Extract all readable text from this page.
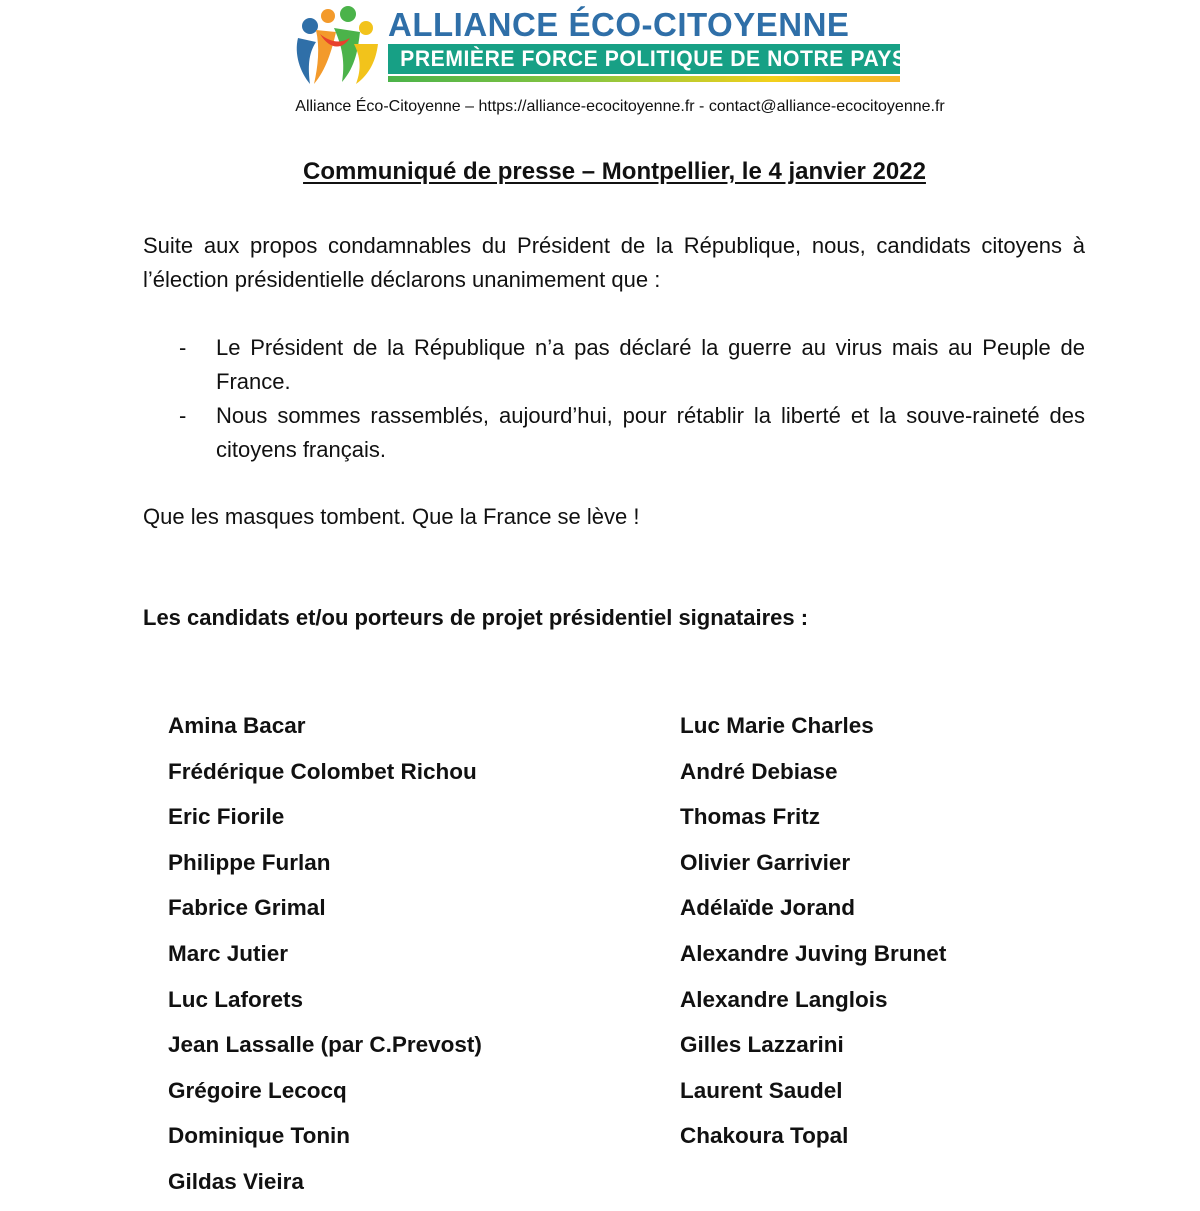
ALLIANCE ÉCO-CITOYENNE
PREMIÈRE FORCE POLITIQUE DE NOTRE PAYS
Alliance Éco-Citoyenne – https://alliance-ecocitoyenne.fr - contact@alliance-ecocitoyenne.fr
Communiqué de presse – Montpellier, le 4 janvier 2022
Suite aux propos condamnables du Président de la République, nous, candidats citoyens à l’élection présidentielle déclarons unanimement que :
- Le Président de la République n’a pas déclaré la guerre au virus mais au Peuple de France.
- Nous sommes rassemblés, aujourd’hui, pour rétablir la liberté et la souve-raineté des citoyens français.
Que les masques tombent. Que la France se lève !
Les candidats et/ou porteurs de projet présidentiel signataires :
Amina Bacar
Frédérique Colombet Richou
Eric Fiorile
Philippe Furlan
Fabrice Grimal
Marc Jutier
Luc Laforets
Jean Lassalle (par C.Prevost)
Grégoire Lecocq
Dominique Tonin
Gildas Vieira
Luc Marie Charles
André Debiase
Thomas Fritz
Olivier Garrivier
Adélaïde Jorand
Alexandre Juving Brunet
Alexandre Langlois
Gilles Lazzarini
Laurent Saudel
Chakoura Topal
